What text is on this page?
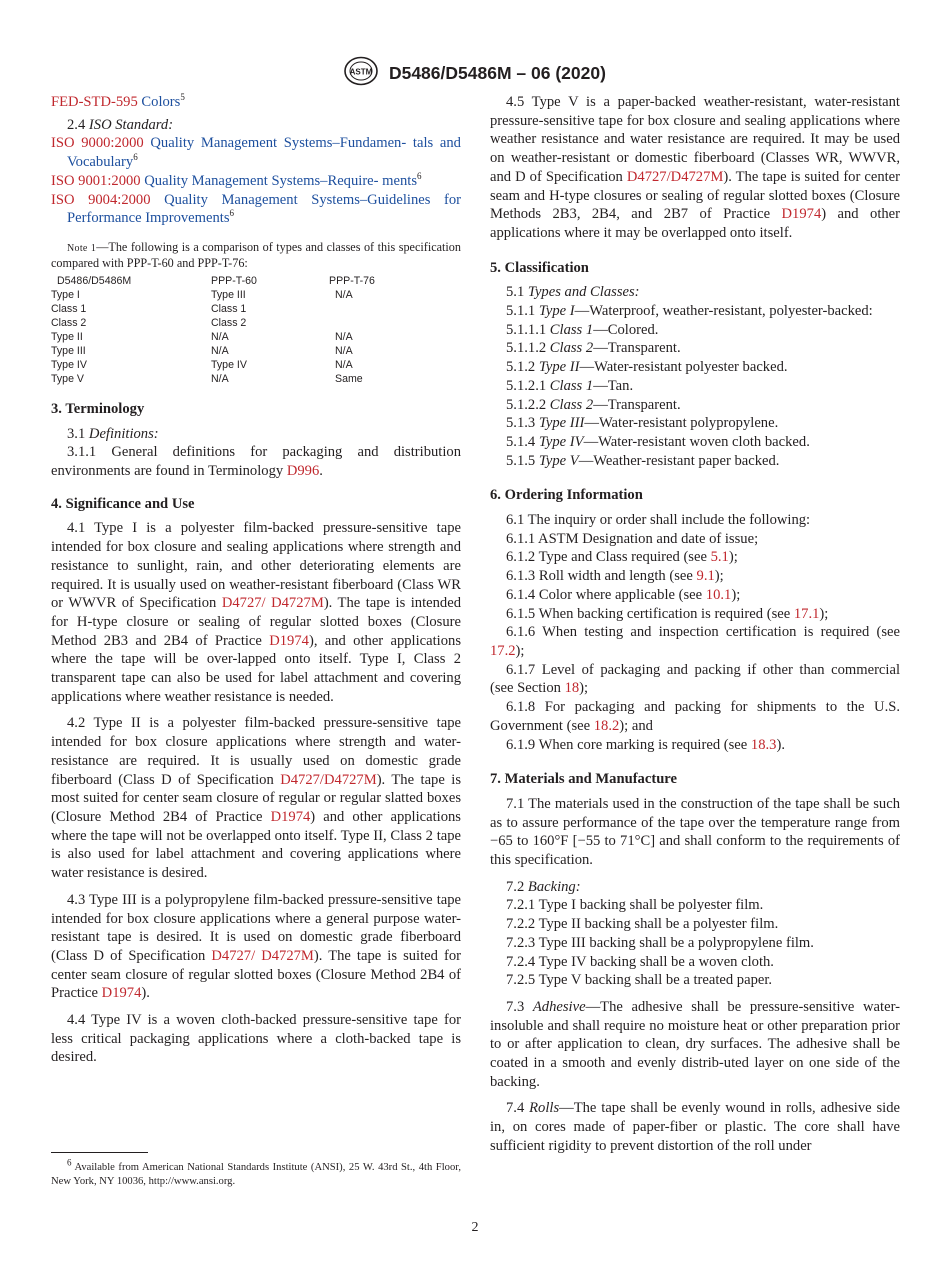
ASTM D5486/D5486M – 06 (2020)

FED-STD-595 Colors$^5$

2.4 ISO Standard:

ISO 9000:2000 Quality Management Systems–Fundamen- tals and Vocabulary$^6$

ISO 9001:2000 Quality Management Systems–Require- ments$^6$

ISO 9004:2000 Quality Management Systems–Guidelines for Performance Improvements$^6$

Note 1—The following is a comparison of types and classes of this specification compared with PPP-T-60 and PPP-T-76:

D5486/D5486M	PPP-T-60	PPP-T-76
Type I	Type III	N/A
Class 1	Class 1	
Class 2	Class 2	
Type II	N/A	N/A
Type III	N/A	N/A
Type IV	Type IV	N/A
Type V	N/A	Same
3. Terminology

3.1 Definitions:

3.1.1 General definitions for packaging and distribution environments are found in Terminology D996.

4. Significance and Use

4.1 Type I is a polyester film-backed pressure-sensitive tape intended for box closure and sealing applications where strength and resistance to sunlight, rain, and other deteriorating elements are required. It is usually used on weather-resistant fiberboard (Class WR or WWVR of Specification D4727/ D4727M). The tape is intended for H-type closure or sealing of regular slotted boxes (Closure Method 2B3 and 2B4 of Practice D1974), and other applications where the tape will be over-lapped onto itself. Type I, Class 2 transparent tape can also be used for label attachment and covering applications where weather resistance is needed.

4.2 Type II is a polyester film-backed pressure-sensitive tape intended for box closure applications where strength and water-resistance are required. It is usually used on domestic grade fiberboard (Class D of Specification D4727/D4727M). The tape is most suited for center seam closure of regular or regular slatted boxes (Closure Method 2B4 of Practice D1974) and other applications where the tape will not be overlapped onto itself. Type II, Class 2 tape is also used for label attachment and covering applications where water resistance is desired.

4.3 Type III is a polypropylene film-backed pressure-sensitive tape intended for box closure applications where a general purpose water-resistant tape is desired. It is used on domestic grade fiberboard (Class D of Specification D4727/ D4727M). The tape is suited for center seam closure of regular slotted boxes (Closure Method 2B4 of Practice D1974).

4.4 Type IV is a woven cloth-backed pressure-sensitive tape for less critical packaging applications where a cloth-backed tape is desired.

$^6$ Available from American National Standards Institute (ANSI), 25 W. 43rd St., 4th Floor, New York, NY 10036, http://www.ansi.org.

4.5 Type V is a paper-backed weather-resistant, water-resistant pressure-sensitive tape for box closure and sealing applications where weather resistance and water resistance are required. It may be used on weather-resistant or domestic fiberboard (Classes WR, WWVR, and D of Specification D4727/D4727M). The tape is suited for center seam and H-type closures or sealing of regular slotted boxes (Closure Methods 2B3, 2B4, and 2B7 of Practice D1974) and other applications where it may be overlapped onto itself.

5. Classification

5.1 Types and Classes:

5.1.1 Type I—Waterproof, weather-resistant, polyester-backed:

5.1.1.1 Class 1—Colored.

5.1.1.2 Class 2—Transparent.

5.1.2 Type II—Water-resistant polyester backed.

5.1.2.1 Class 1—Tan.

5.1.2.2 Class 2—Transparent.

5.1.3 Type III—Water-resistant polypropylene.

5.1.4 Type IV—Water-resistant woven cloth backed.

5.1.5 Type V—Weather-resistant paper backed.

6. Ordering Information

6.1 The inquiry or order shall include the following:

6.1.1 ASTM Designation and date of issue;

6.1.2 Type and Class required (see 5.1);

6.1.3 Roll width and length (see 9.1);

6.1.4 Color where applicable (see 10.1);

6.1.5 When backing certification is required (see 17.1);

6.1.6 When testing and inspection certification is required (see 17.2);

6.1.7 Level of packaging and packing if other than commercial (see Section 18);

6.1.8 For packaging and packing for shipments to the U.S. Government (see 18.2); and

6.1.9 When core marking is required (see 18.3).

7. Materials and Manufacture

7.1 The materials used in the construction of the tape shall be such as to assure performance of the tape over the temperature range from −65 to 160°F [−55 to 71°C] and shall conform to the requirements of this specification.

7.2 Backing:

7.2.1 Type I backing shall be polyester film.

7.2.2 Type II backing shall be a polyester film.

7.2.3 Type III backing shall be a polypropylene film.

7.2.4 Type IV backing shall be a woven cloth.

7.2.5 Type V backing shall be a treated paper.

7.3 Adhesive—The adhesive shall be pressure-sensitive water-insoluble and shall require no moisture heat or other preparation prior to or after application to clean, dry surfaces. The adhesive shall be coated in a smooth and evenly distrib-uted layer on one side of the backing.

7.4 Rolls—The tape shall be evenly wound in rolls, adhesive side in, on cores made of paper-fiber or plastic. The core shall have sufficient rigidity to prevent distortion of the roll under

2
